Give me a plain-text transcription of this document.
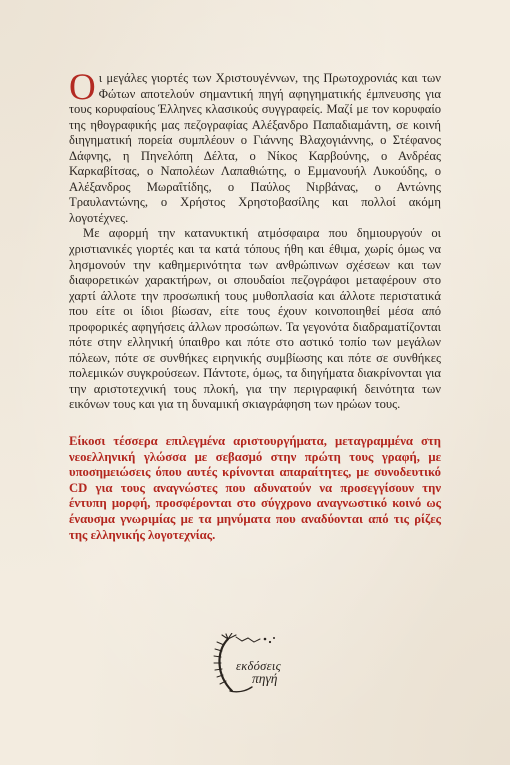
Οι μεγάλες γιορτές των Χριστουγέννων, της Πρωτοχρονιάς και των Φώτων αποτελούν σημαντική πηγή αφηγηματικής έμπνευσης για τους κορυφαίους Έλληνες κλασικούς συγγραφείς. Μαζί με τον κορυφαίο της ηθογραφικής μας πεζογραφίας Αλέξανδρο Παπαδιαμάντη, σε κοινή διηγηματική πορεία συμπλέουν ο Γιάννης Βλαχογιάννης, ο Στέφανος Δάφνης, η Πηνελόπη Δέλτα, ο Νίκος Καρβούνης, ο Ανδρέας Καρκαβίτσας, ο Ναπολέων Λαπαθιώτης, ο Εμμανουήλ Λυκούδης, ο Αλέξανδρος Μωραΐτίδης, ο Παύλος Νιρβάνας, ο Αντώνης Τραυλαντώνης, ο Χρήστος Χρηστοβασίλης και πολλοί ακόμη λογοτέχνες.

Με αφορμή την κατανυκτική ατμόσφαιρα που δημιουργούν οι χριστιανικές γιορτές και τα κατά τόπους ήθη και έθιμα, χωρίς όμως να λησμονούν την καθημερινότητα των ανθρώπινων σχέσεων και των διαφορετικών χαρακτήρων, οι σπουδαίοι πεζογράφοι μεταφέρουν στο χαρτί άλλοτε την προσωπική τους μυθοπλασία και άλλοτε περιστατικά που είτε οι ίδιοι βίωσαν, είτε τους έχουν κοινοποιηθεί μέσα από προφορικές αφηγήσεις άλλων προσώπων. Τα γεγονότα διαδραματίζονται πότε στην ελληνική ύπαιθρο και πότε στο αστικό τοπίο των μεγάλων πόλεων, πότε σε συνθήκες ειρηνικής συμβίωσης και πότε σε συνθήκες πολεμικών συγκρούσεων. Πάντοτε, όμως, τα διηγήματα διακρίνονται για την αριστοτεχνική τους πλοκή, για την περιγραφική δεινότητα των εικόνων τους και για τη δυναμική σκιαγράφηση των ηρώων τους.

Είκοσι τέσσερα επιλεγμένα αριστουργήματα, μεταγραμμένα στη νεοελληνική γλώσσα με σεβασμό στην πρώτη τους γραφή, με υποσημειώσεις όπου αυτές κρίνονται απαραίτητες, με συνοδευτικό CD για τους αναγνώστες που αδυνατούν να προσεγγίσουν την έντυπη μορφή, προσφέρονται στο σύγχρονο αναγνωστικό κοινό ως έναυσμα γνωριμίας με τα μηνύματα που αναδύονται από τις ρίζες της ελληνικής λογοτεχνίας.

εκδόσεις
πηγή
